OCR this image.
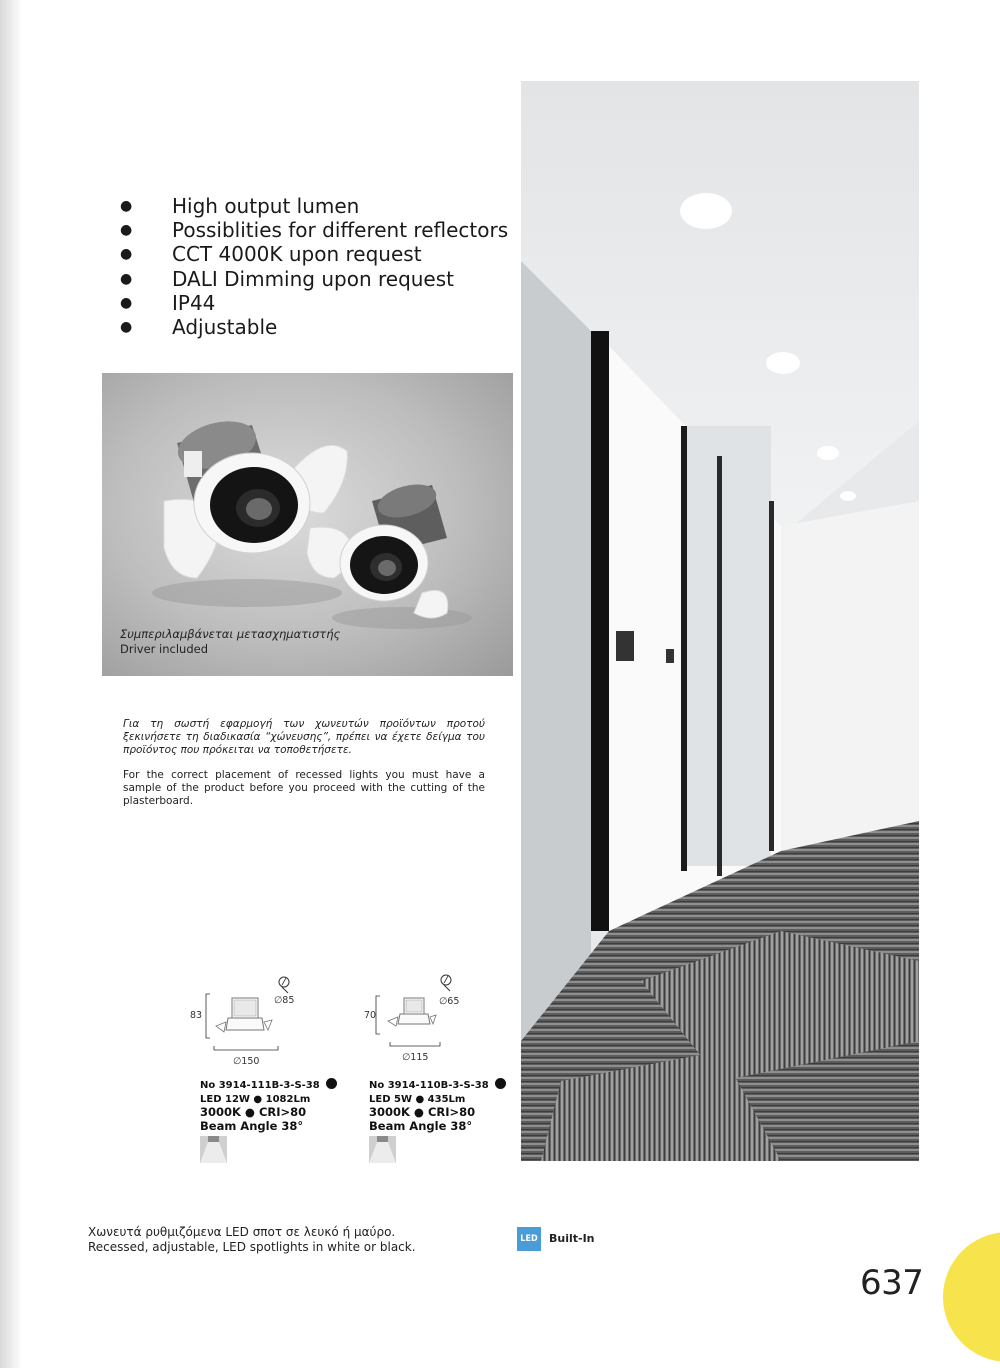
●	High output lumen
●	Possiblities for different reflectors
●	CCT 4000K upon request
●	DALI Dimming upon request
●	IP44
●	Adjustable
Συμπεριλαμβάνεται μετασχηματιστής
Driver included

Για τη σωστή εφαρμογή των χωνευτών προϊόντων προτού ξεκινήσετε τη διαδικασία “χώνευσης”, πρέπει να έχετε δείγμα του προϊόντος που πρόκειται να τοποθετήσετε.

For the correct placement of recessed lights you must have a sample of the product before you proceed with the cutting of the plasterboard.

83
∅85
∅150
No 3914-111B-3-S-38
LED 12W ● 1082Lm
3000K ● CRI>80
Beam Angle 38°
70
∅65
∅115
No 3914-110B-3-S-38
LED 5W ● 435Lm
3000K ● CRI>80
Beam Angle 38°
Χωνευτά ρυθμιζόμενα LED σποτ σε λευκό ή μαύρο.
Recessed, adjustable, LED spotlights in white or black.
LED Built-In
637
